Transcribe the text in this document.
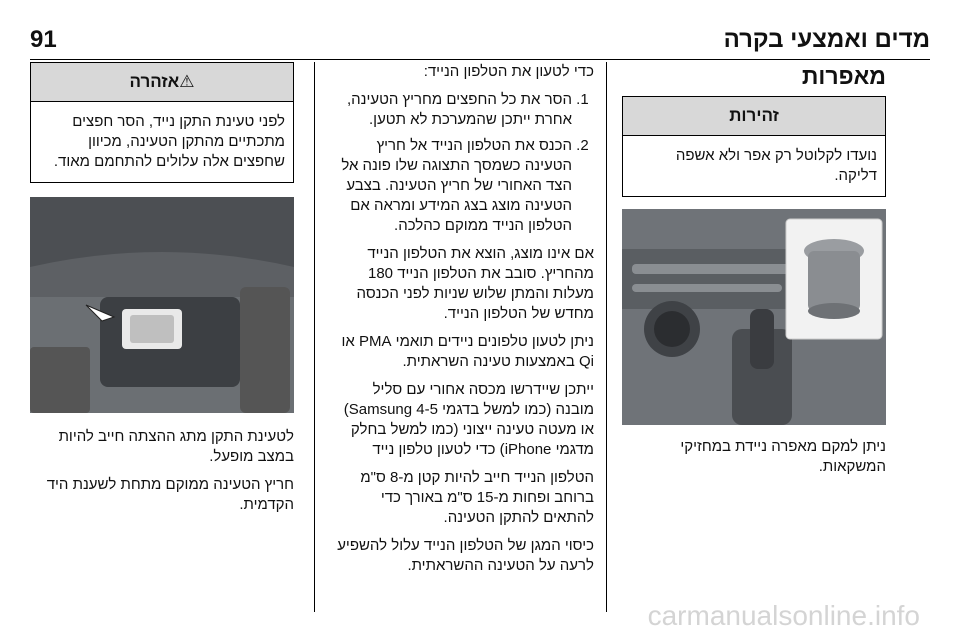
מדים ואמצעי בקרה
91
מאפרות
זהירות
נועדו לקלוטל רק אפר ולא אשפה דליקה.

ניתן למקם מאפרה ניידת במחזיקי המשקאות.

כדי לטעון את הטלפון הנייד:

1. הסר את כל החפצים מחריץ הטעינה, אחרת ייתכן שהמערכת לא תטען.
2. הכנס את הטלפון הנייד אל חריץ הטעינה כשמסך התצוגה שלו פונה אל הצד האחורי של חריץ הטעינה. בצבע הטעינה מוצג בצג המידע ומראה אם הטלפון הנייד ממוקם כהלכה.

אם אינו מוצג, הוצא את הטלפון הנייד מהחריץ. סובב את הטלפון הנייד 180 מעלות והמתן שלוש שניות לפני הכנסה מחדש של הטלפון הנייד.

ניתן לטעון טלפונים ניידים תואמי PMA או Qi באמצעות טעינה השראתית.

ייתכן שיידרשו מכסה אחורי עם סליל מובנה (כמו למשל בדגמי Samsung 4-5) או מעטה טעינה ייצוני (כמו למשל בחלק מדגמי iPhone) כדי לטעון טלפון נייד

הטלפון הנייד חייב להיות קטן מ-8 ס"מ ברוחב ופחות מ-15 ס"מ באורך כדי להתאים להתקן הטעינה.

כיסוי המגן של הטלפון הנייד עלול להשפיע לרעה על הטעינה ההשראתית.

⚠אזהרה
לפני טעינת התקן נייד, הסר חפצים מתכתיים מהתקן הטעינה, מכיוון שחפצים אלה עלולים להתחמם מאוד.

לטעינת התקן מתג ההצתה חייב להיות במצב מופעל.

חריץ הטעינה ממוקם מתחת לשענת היד הקדמית.

carmanualsonline.info
